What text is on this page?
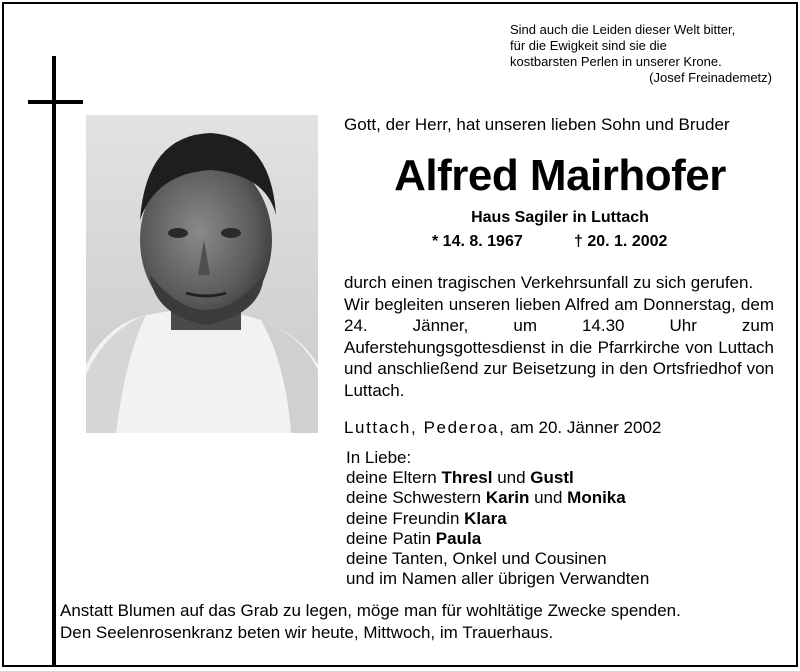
Sind auch die Leiden dieser Welt bitter,
für die Ewigkeit sind sie die
kostbarsten Perlen in unserer Krone.
(Josef Freinademetz)
Gott, der Herr, hat unseren lieben Sohn und Bruder
Alfred Mairhofer
Haus Sagiler in Luttach
* 14. 8. 1967	† 20. 1. 2002

durch einen tragischen Verkehrsunfall zu sich gerufen.

Wir begleiten unseren lieben Alfred am Donnerstag, dem 24. Jänner, um 14.30 Uhr zum Auferstehungsgottesdienst in die Pfarrkirche von Luttach und anschließend zur Beisetzung in den Ortsfriedhof von Luttach.

Luttach, Pederoa, am 20. Jänner 2002
In Liebe:
deine Eltern Thresl und Gustl
deine Schwestern Karin und Monika
deine Freundin Klara
deine Patin Paula
deine Tanten, Onkel und Cousinen
und im Namen aller übrigen Verwandten
Anstatt Blumen auf das Grab zu legen, möge man für wohltätige Zwecke spenden.
Den Seelenrosenkranz beten wir heute, Mittwoch, im Trauerhaus.
